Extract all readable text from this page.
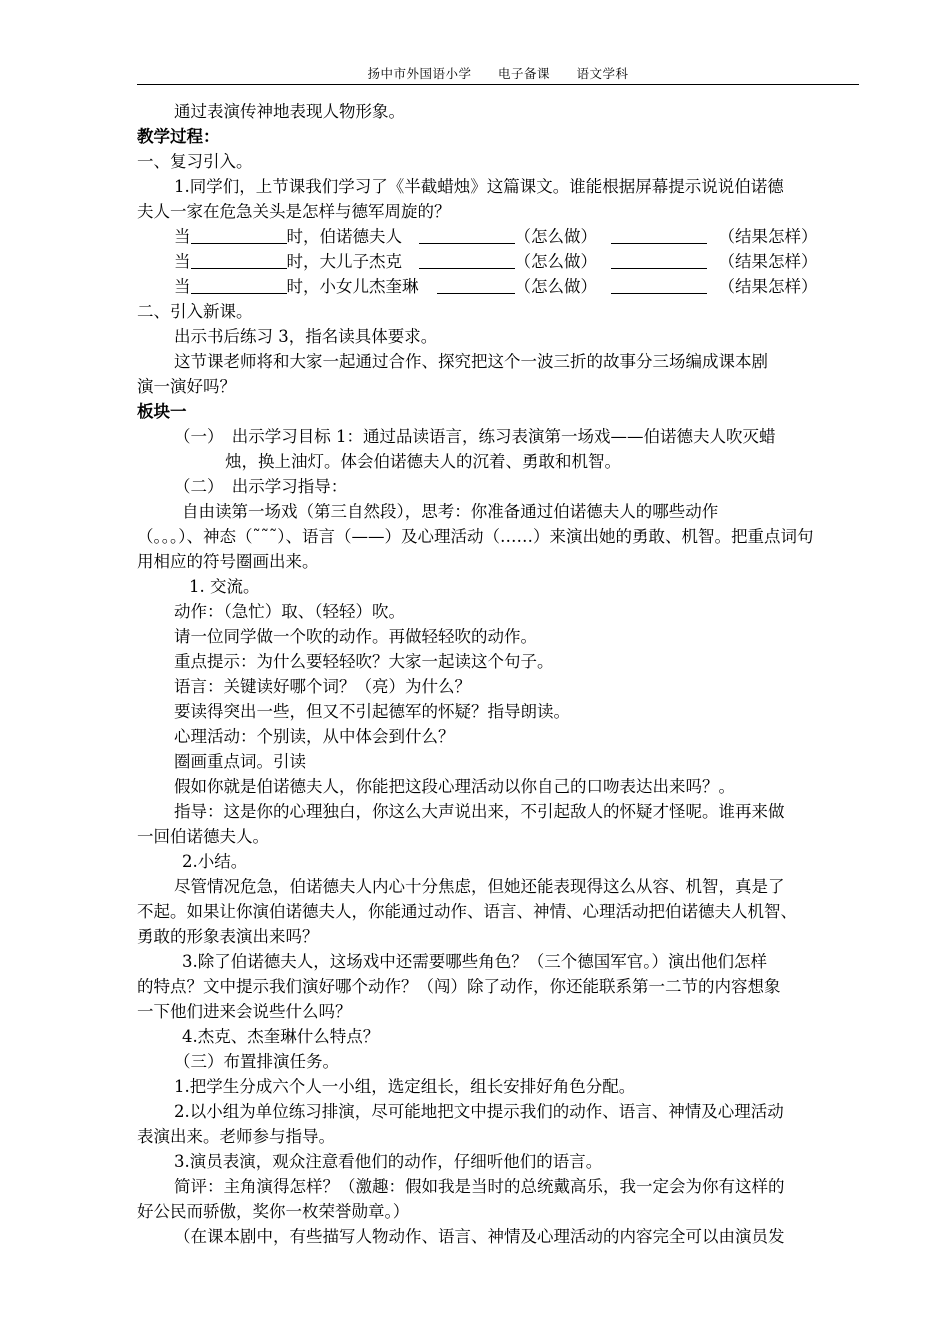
扬中市外国语小学 电子备课 语文学科
通过表演传神地表现人物形象。
教学过程：
一、复习引入。
1.同学们，上节课我们学习了《半截蜡烛》这篇课文。谁能根据屏幕提示说说伯诺德
夫人一家在危急关头是怎样与德军周旋的？
当	时，伯诺德夫人	（怎么做）	（结果怎样）
当	时，大儿子杰克	（怎么做）	（结果怎样）
当	时，小女儿杰奎琳	（怎么做）	（结果怎样）
二、引入新课。
出示书后练习 3，指名读具体要求。
这节课老师将和大家一起通过合作、探究把这个一波三折的故事分三场编成课本剧
演一演好吗？
板块一
（一）　出示学习目标 1：通过品读语言，练习表演第一场戏——伯诺德夫人吹灭蜡
烛，换上油灯。体会伯诺德夫人的沉着、勇敢和机智。
（二）　出示学习指导：
自由读第一场戏（第三自然段），思考：你准备通过伯诺德夫人的哪些动作
（。。。）、神态（˜˜˜）、语言（——）及心理活动（……）来演出她的勇敢、机智。把重点词句
用相应的符号圈画出来。
1. 交流。
动作：（急忙）取、（轻轻）吹。
请一位同学做一个吹的动作。再做轻轻吹的动作。
重点提示：为什么要轻轻吹？大家一起读这个句子。
语言：关键读好哪个词？（亮）为什么？
要读得突出一些，但又不引起德军的怀疑？指导朗读。
心理活动：个别读，从中体会到什么？
圈画重点词。引读
假如你就是伯诺德夫人，你能把这段心理活动以你自己的口吻表达出来吗？。
指导：这是你的心理独白，你这么大声说出来，不引起敌人的怀疑才怪呢。谁再来做
一回伯诺德夫人。
2.小结。
尽管情况危急，伯诺德夫人内心十分焦虑，但她还能表现得这么从容、机智，真是了
不起。如果让你演伯诺德夫人，你能通过动作、语言、神情、心理活动把伯诺德夫人机智、
勇敢的形象表演出来吗？
3.除了伯诺德夫人，这场戏中还需要哪些角色？（三个德国军官。）演出他们怎样
的特点？文中提示我们演好哪个动作？（闯）除了动作，你还能联系第一二节的内容想象
一下他们进来会说些什么吗？
4.杰克、杰奎琳什么特点？
（三）布置排演任务。
1.把学生分成六个人一小组，选定组长，组长安排好角色分配。
2.以小组为单位练习排演，尽可能地把文中提示我们的动作、语言、神情及心理活动
表演出来。老师参与指导。
3.演员表演，观众注意看他们的动作，仔细听他们的语言。
简评：主角演得怎样？（激趣：假如我是当时的总统戴高乐，我一定会为你有这样的
好公民而骄傲，奖你一枚荣誉勋章。）
（在课本剧中，有些描写人物动作、语言、神情及心理活动的内容完全可以由演员发
